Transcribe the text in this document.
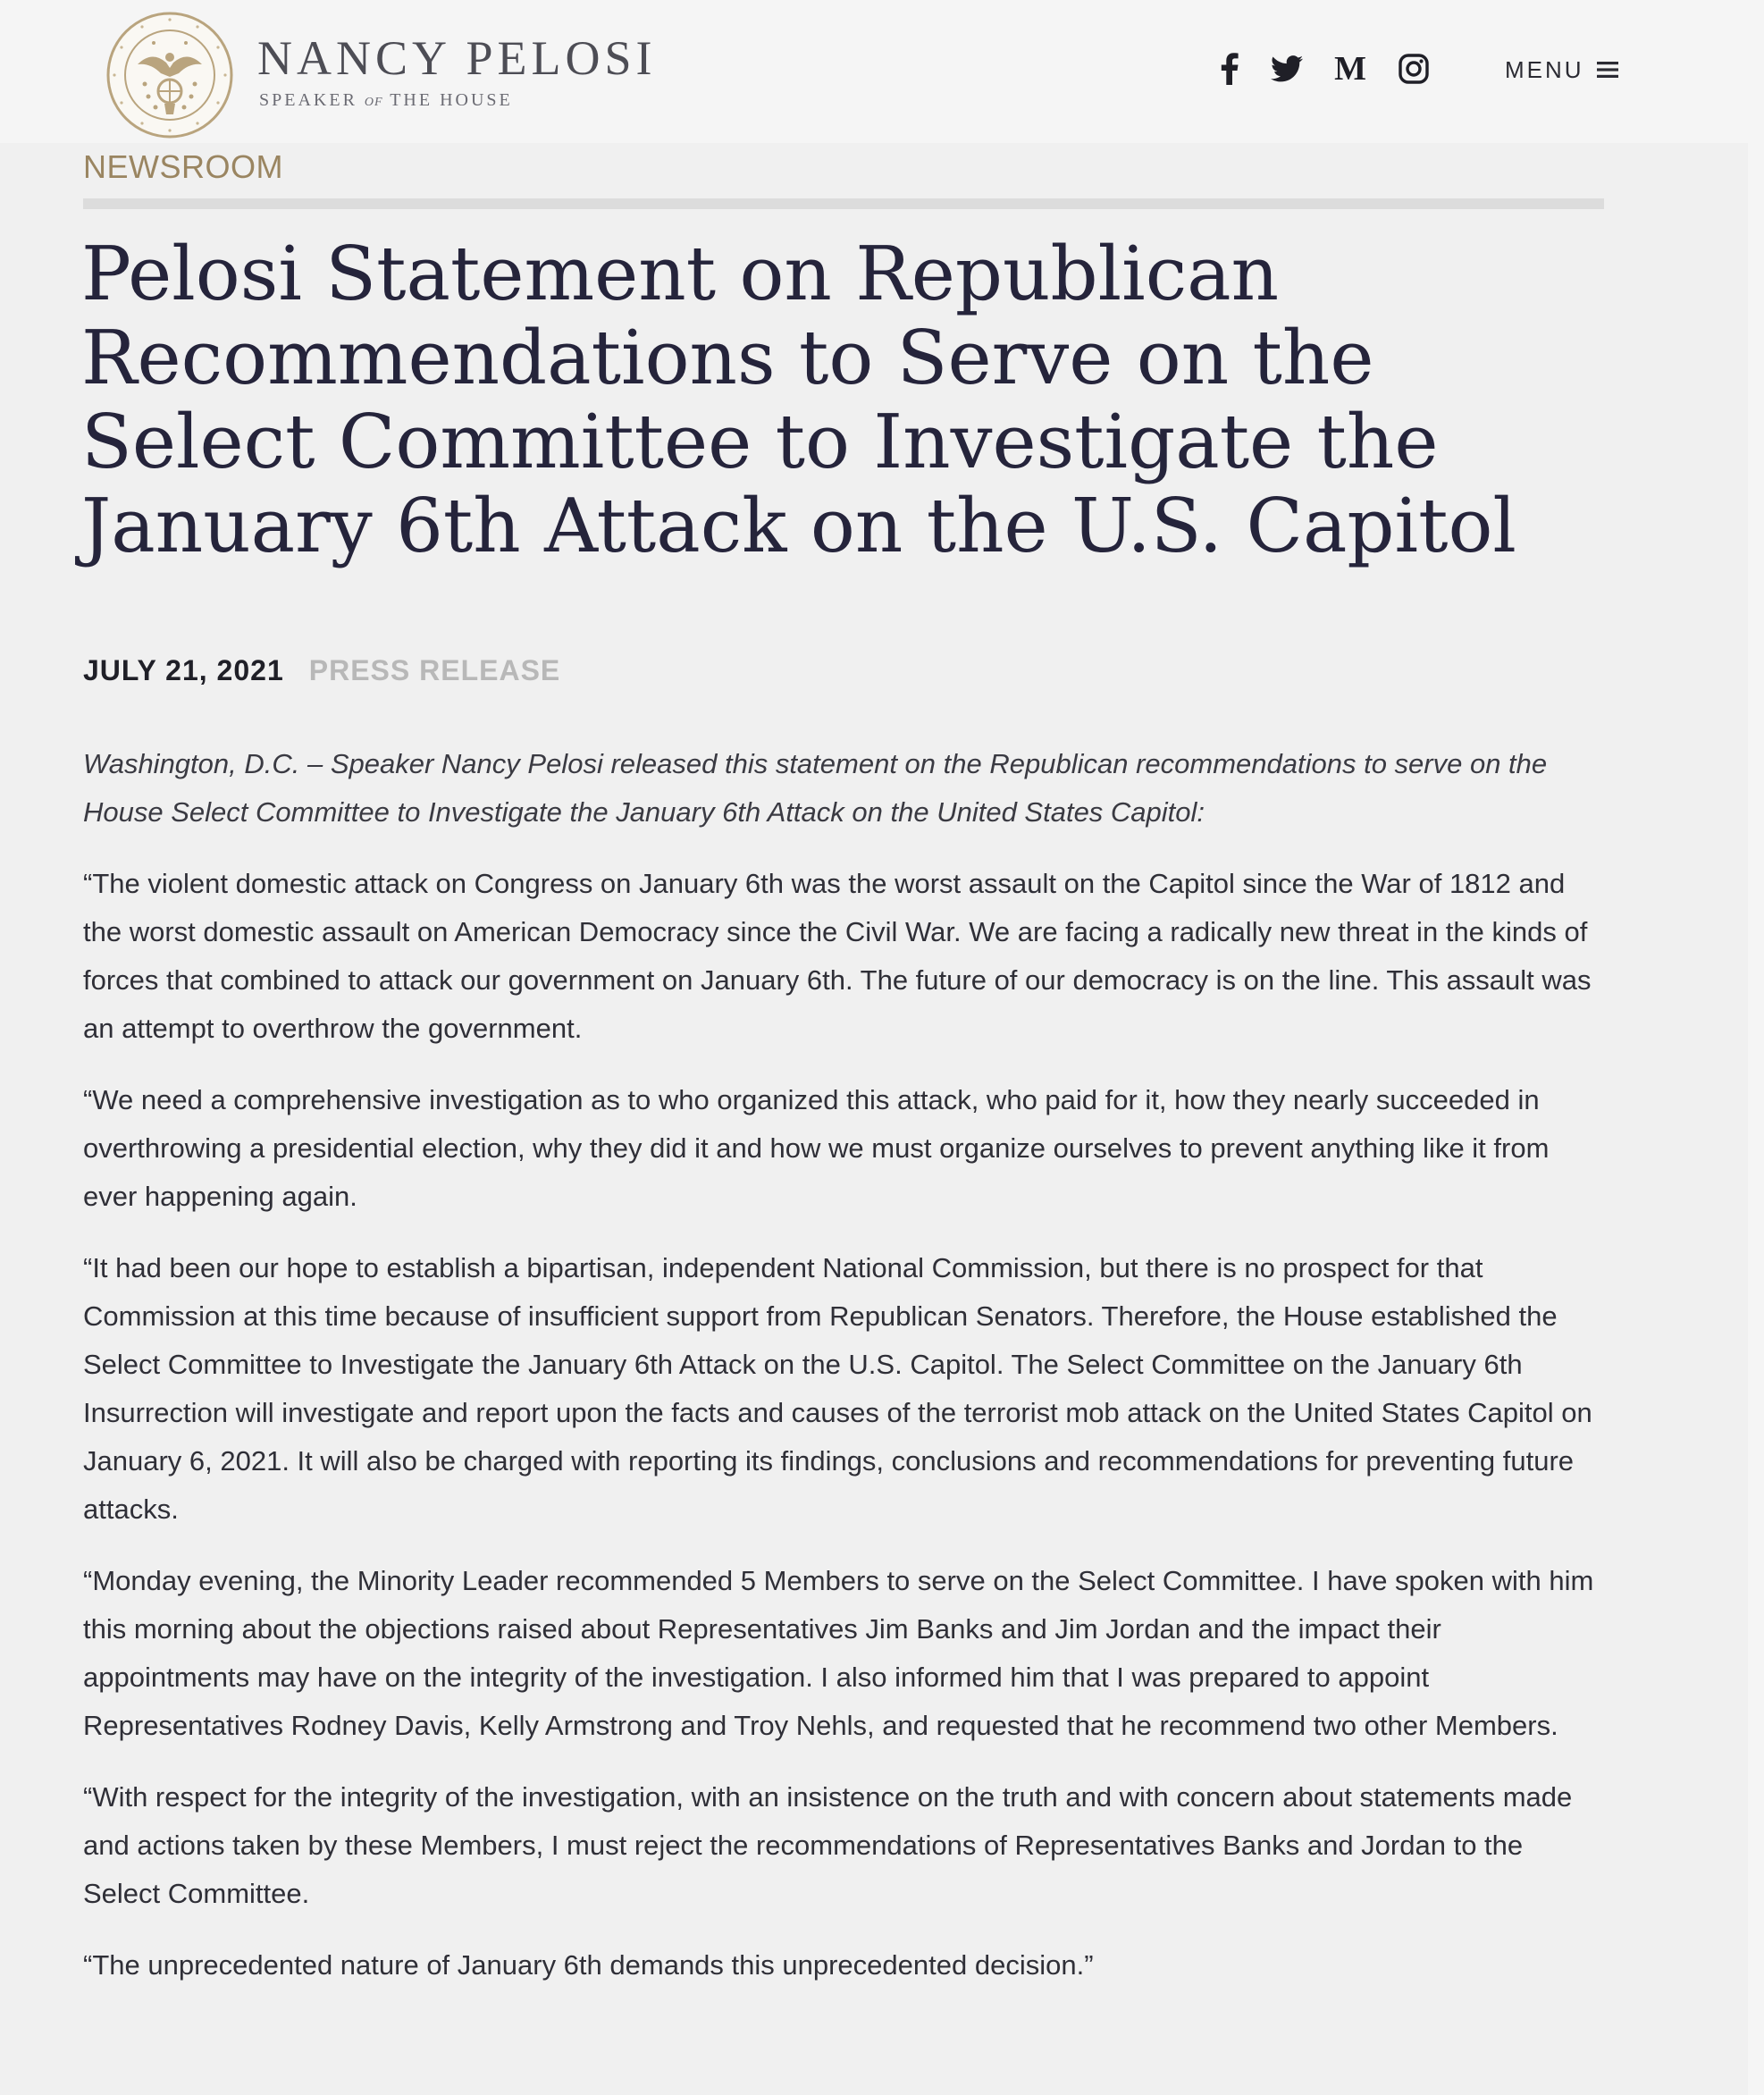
NANCY PELOSI
SPEAKER OF THE HOUSE
M	MENU
NEWSROOM
Pelosi Statement on Republican Recommendations to Serve on the Select Committee to Investigate the January 6th Attack on the U.S. Capitol
JULY 21, 2021 PRESS RELEASE

Washington, D.C. – Speaker Nancy Pelosi released this statement on the Republican recommendations to serve on the House Select Committee to Investigate the January 6th Attack on the United States Capitol:

“The violent domestic attack on Congress on January 6th was the worst assault on the Capitol since the War of 1812 and the worst domestic assault on American Democracy since the Civil War. We are facing a radically new threat in the kinds of forces that combined to attack our government on January 6th. The future of our democracy is on the line. This assault was an attempt to overthrow the government.

“We need a comprehensive investigation as to who organized this attack, who paid for it, how they nearly succeeded in overthrowing a presidential election, why they did it and how we must organize ourselves to prevent anything like it from ever happening again.

“It had been our hope to establish a bipartisan, independent National Commission, but there is no prospect for that Commission at this time because of insufficient support from Republican Senators. Therefore, the House established the Select Committee to Investigate the January 6th Attack on the U.S. Capitol. The Select Committee on the January 6th Insurrection will investigate and report upon the facts and causes of the terrorist mob attack on the United States Capitol on January 6, 2021. It will also be charged with reporting its findings, conclusions and recommendations for preventing future attacks.

“Monday evening, the Minority Leader recommended 5 Members to serve on the Select Committee. I have spoken with him this morning about the objections raised about Representatives Jim Banks and Jim Jordan and the impact their appointments may have on the integrity of the investigation. I also informed him that I was prepared to appoint Representatives Rodney Davis, Kelly Armstrong and Troy Nehls, and requested that he recommend two other Members.

“With respect for the integrity of the investigation, with an insistence on the truth and with concern about statements made and actions taken by these Members, I must reject the recommendations of Representatives Banks and Jordan to the Select Committee.

“The unprecedented nature of January 6th demands this unprecedented decision.”
